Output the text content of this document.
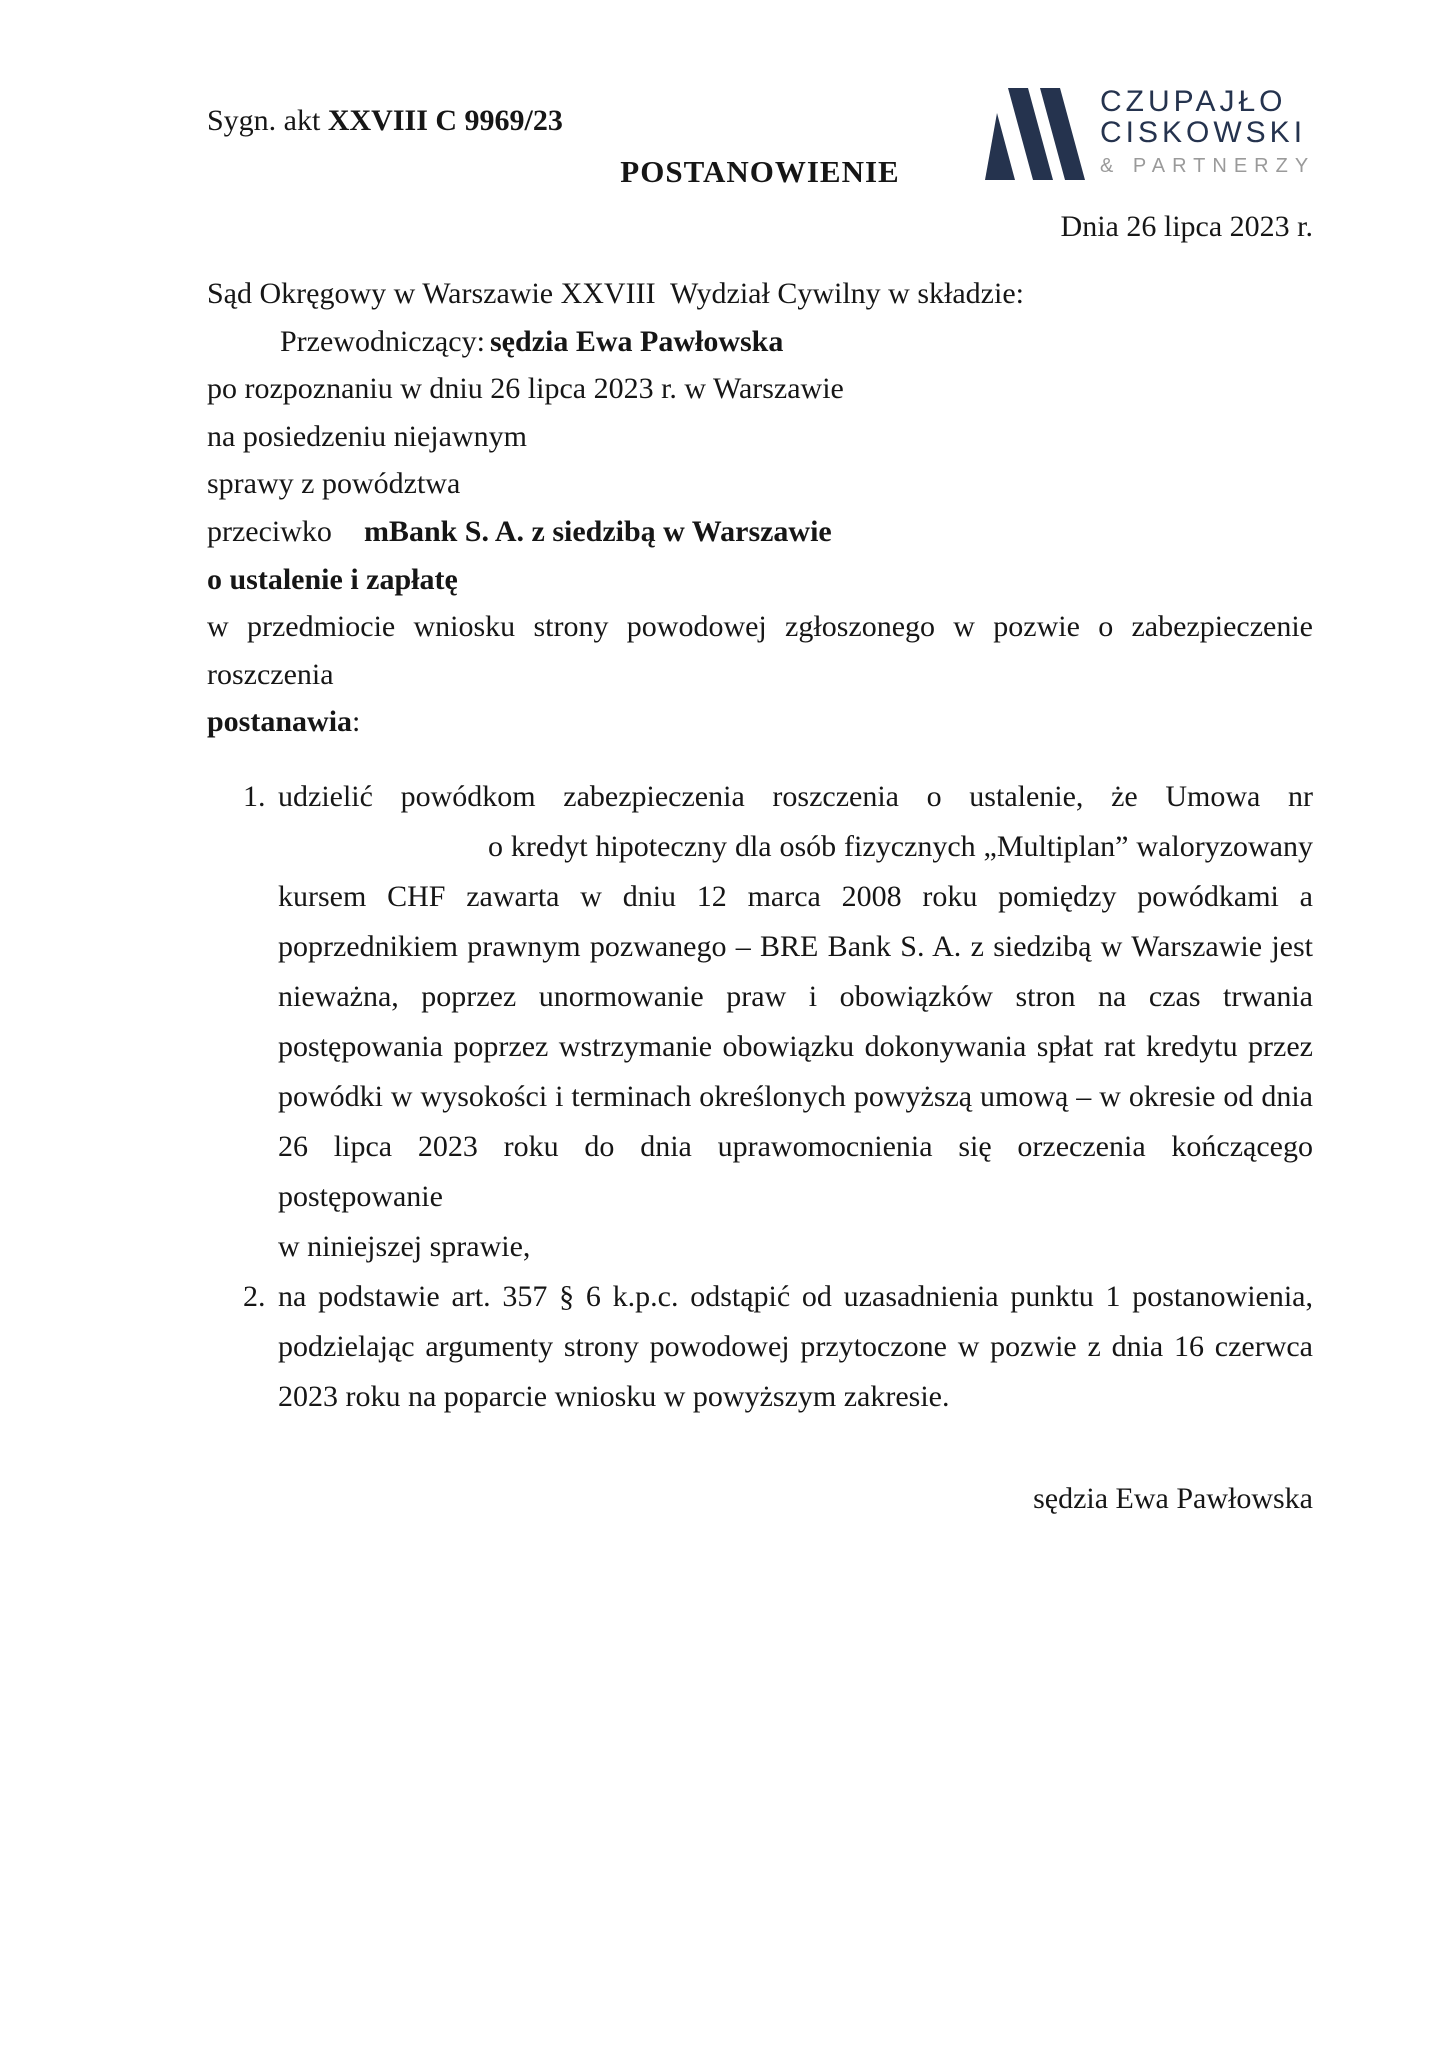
Sygn. akt XXVIII C 9969/23
CZUPAJŁO
CISKOWSKI
& PARTNERZY
POSTANOWIENIE
Dnia 26 lipca 2023 r.
Sąd Okręgowy w Warszawie XXVIII  Wydział Cywilny w składzie:
Przewodniczący: sędzia Ewa Pawłowska
po rozpoznaniu w dniu 26 lipca 2023 r. w Warszawie
na posiedzeniu niejawnym
sprawy z powództwa
przeciwko mBank S. A. z siedzibą w Warszawie
o ustalenie i zapłatę
w przedmiocie wniosku strony powodowej zgłoszonego w pozwie o zabezpieczenie
roszczenia
postanawia:
1. udzielić powódkom zabezpieczenia roszczenia o ustalenie, że Umowa nr
o kredyt hipoteczny dla osób fizycznych „Multiplan” waloryzowany
kursem CHF zawarta w dniu 12 marca 2008 roku pomiędzy powódkami a
poprzednikiem prawnym pozwanego – BRE Bank S. A. z siedzibą w Warszawie jest
nieważna, poprzez unormowanie praw i obowiązków stron na czas trwania
postępowania poprzez wstrzymanie obowiązku dokonywania spłat rat kredytu przez
powódki w wysokości i terminach określonych powyższą umową – w okresie od dnia
26 lipca 2023 roku do dnia uprawomocnienia się orzeczenia kończącego postępowanie
w niniejszej sprawie,
2. na podstawie art. 357 § 6 k.p.c. odstąpić od uzasadnienia punktu 1 postanowienia,
podzielając argumenty strony powodowej przytoczone w pozwie z dnia 16 czerwca
2023 roku na poparcie wniosku w powyższym zakresie.
sędzia Ewa Pawłowska
